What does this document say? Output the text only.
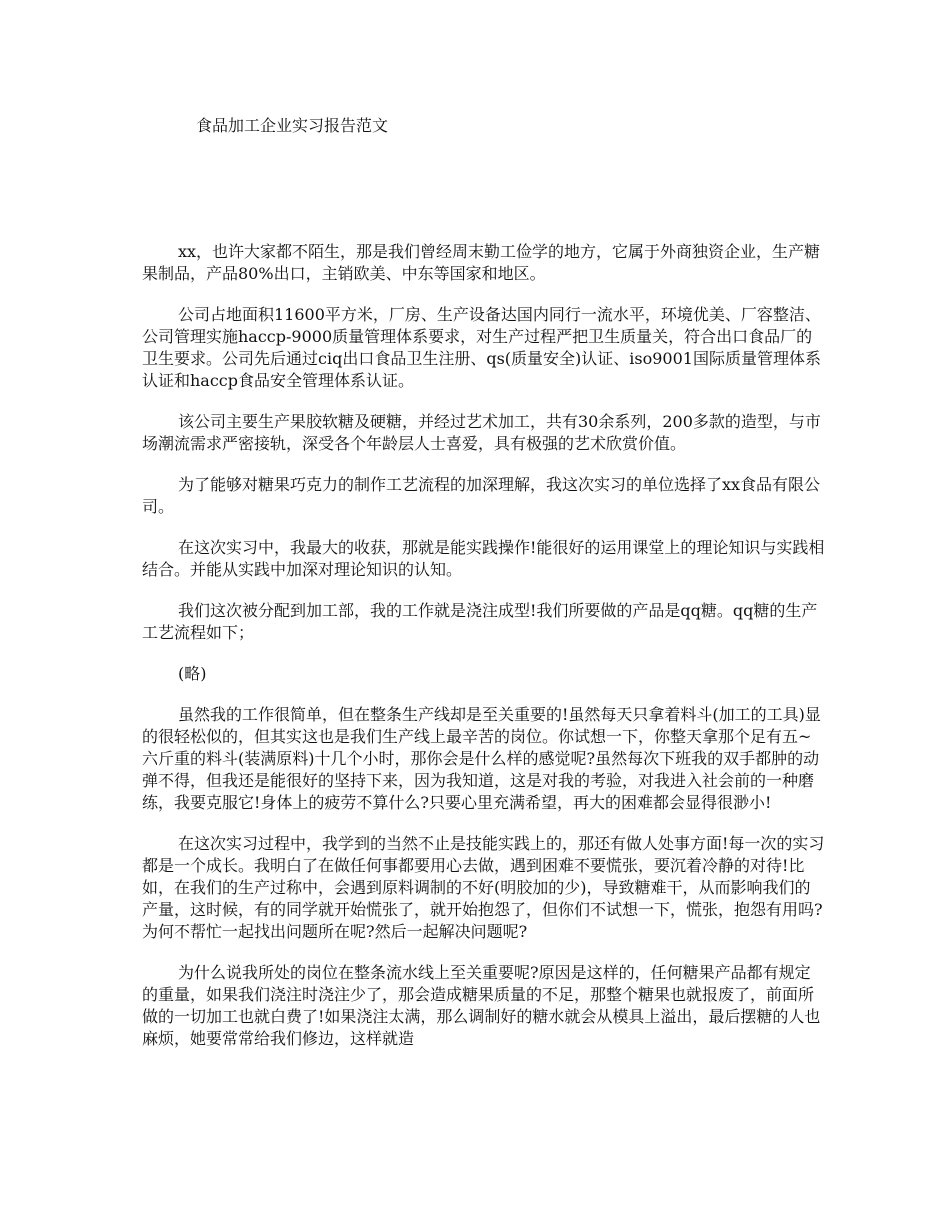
食品加工企业实习报告范文

xx，也许大家都不陌生，那是我们曾经周末勤工俭学的地方，它属于外商独资企业，生产糖果制品，产品80%出口，主销欧美、中东等国家和地区。

公司占地面积11600平方米，厂房、生产设备达国内同行一流水平，环境优美、厂容整洁、公司管理实施haccp-9000质量管理体系要求，对生产过程严把卫生质量关，符合出口食品厂的卫生要求。公司先后通过ciq出口食品卫生注册、qs(质量安全)认证、iso9001国际质量管理体系认证和haccp食品安全管理体系认证。

该公司主要生产果胶软糖及硬糖，并经过艺术加工，共有30余系列，200多款的造型，与市场潮流需求严密接轨，深受各个年龄层人士喜爱，具有极强的艺术欣赏价值。

为了能够对糖果巧克力的制作工艺流程的加深理解，我这次实习的单位选择了xx食品有限公司。

在这次实习中，我最大的收获，那就是能实践操作!能很好的运用课堂上的理论知识与实践相结合。并能从实践中加深对理论知识的认知。

我们这次被分配到加工部，我的工作就是浇注成型!我们所要做的产品是qq糖。qq糖的生产工艺流程如下；

(略)

虽然我的工作很简单，但在整条生产线却是至关重要的!虽然每天只拿着料斗(加工的工具)显的很轻松似的，但其实这也是我们生产线上最辛苦的岗位。你试想一下，你整天拿那个足有五~六斤重的料斗(装满原料)十几个小时，那你会是什么样的感觉呢?虽然每次下班我的双手都肿的动弹不得，但我还是能很好的坚持下来，因为我知道，这是对我的考验，对我进入社会前的一种磨练，我要克服它!身体上的疲劳不算什么?只要心里充满希望，再大的困难都会显得很渺小!

在这次实习过程中，我学到的当然不止是技能实践上的，那还有做人处事方面!每一次的实习都是一个成长。我明白了在做任何事都要用心去做，遇到困难不要慌张，要沉着冷静的对待!比如，在我们的生产过称中，会遇到原料调制的不好(明胶加的少)，导致糖难干，从而影响我们的产量，这时候，有的同学就开始慌张了，就开始抱怨了，但你们不试想一下，慌张，抱怨有用吗?为何不帮忙一起找出问题所在呢?然后一起解决问题呢?

为什么说我所处的岗位在整条流水线上至关重要呢?原因是这样的，任何糖果产品都有规定的重量，如果我们浇注时浇注少了，那会造成糖果质量的不足，那整个糖果也就报废了，前面所做的一切加工也就白费了!如果浇注太满，那么调制好的糖水就会从模具上溢出，最后摆糖的人也麻烦，她要常常给我们修边，这样就造
